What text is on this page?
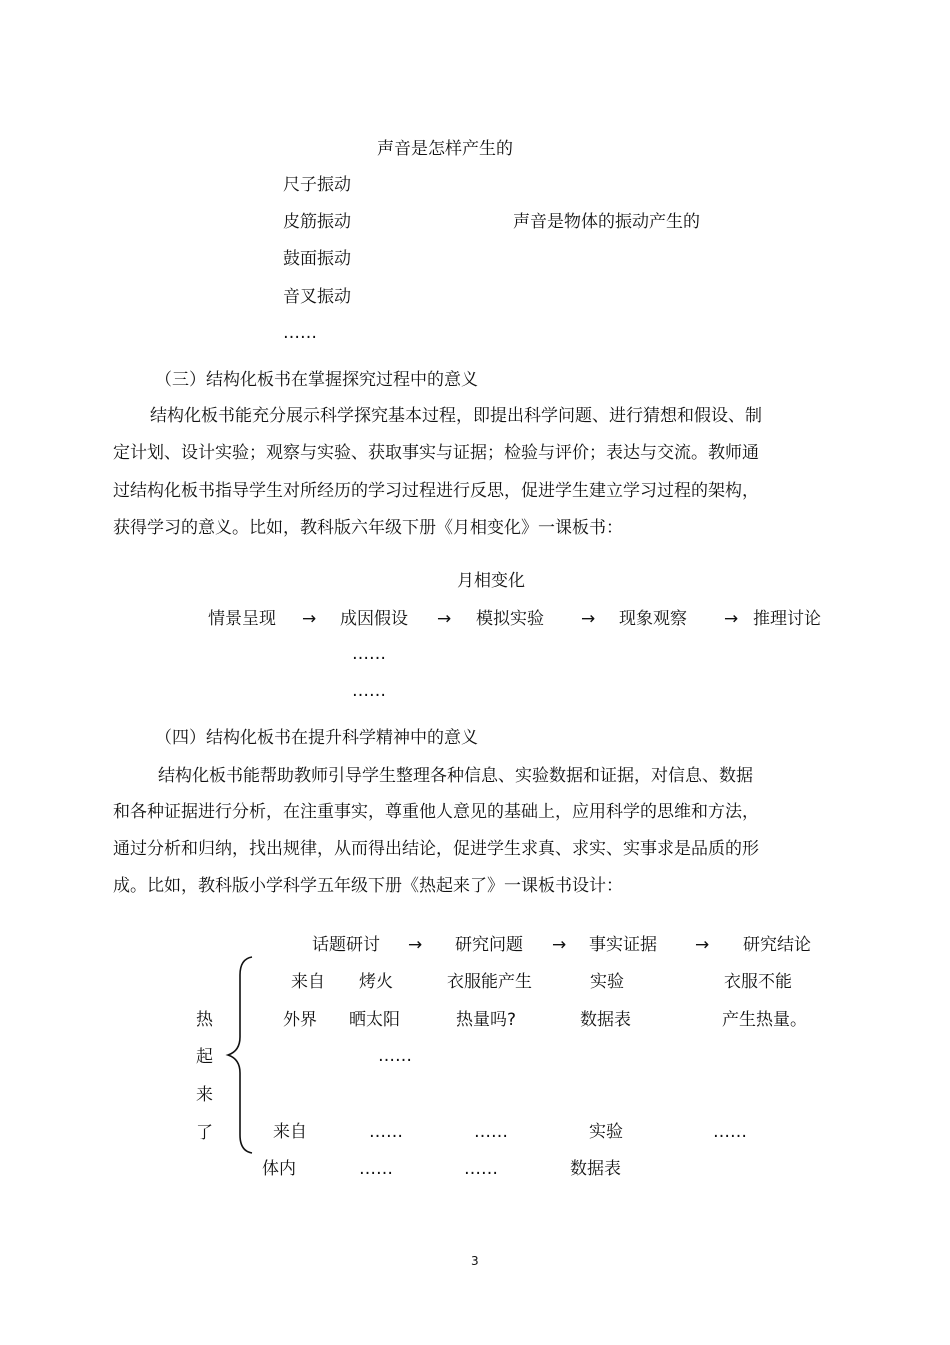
声音是怎样产生的
尺子振动
皮筋振动
鼓面振动
音叉振动
……
声音是物体的振动产生的
（三）结构化板书在掌握探究过程中的意义
结构化板书能充分展示科学探究基本过程，即提出科学问题、进行猜想和假设、制
定计划、设计实验；观察与实验、获取事实与证据；检验与评价；表达与交流。教师通
过结构化板书指导学生对所经历的学习过程进行反思，促进学生建立学习过程的架构，
获得学习的意义。比如，教科版六年级下册《月相变化》一课板书：
月相变化
情景呈现 → 成因假设 → 模拟实验 → 现象观察 → 推理讨论
……
……
（四）结构化板书在提升科学精神中的意义
结构化板书能帮助教师引导学生整理各种信息、实验数据和证据，对信息、数据
和各种证据进行分析，在注重事实，尊重他人意见的基础上，应用科学的思维和方法，
通过分析和归纳，找出规律，从而得出结论，促进学生求真、求实、实事求是品质的形
成。比如，教科版小学科学五年级下册《热起来了》一课板书设计：
话题研讨 → 研究问题 → 事实证据 → 研究结论
热
起
来
了
来自 烤火	衣服能产生	实验	衣服不能
外界 晒太阳	热量吗?	数据表	产生热量。
……
来自	……	……	实验	……
体内	……	……	数据表
3
